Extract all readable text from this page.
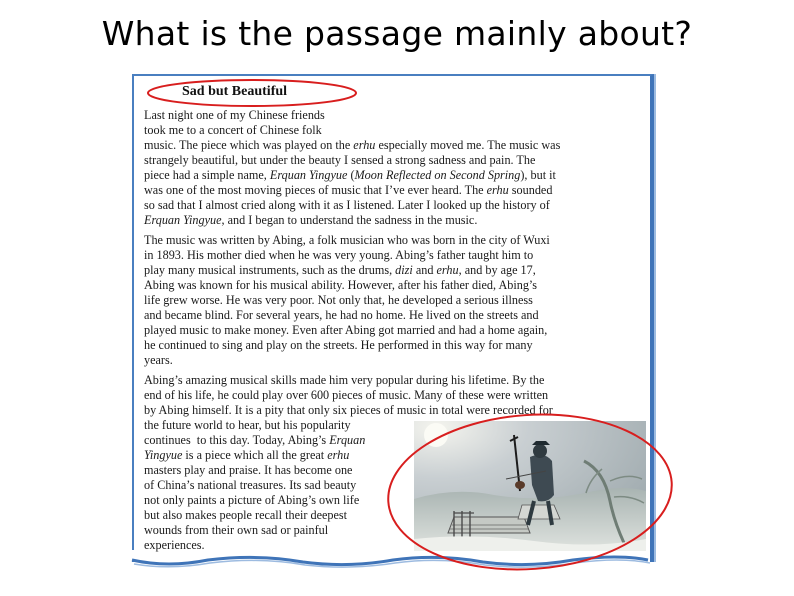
What is the passage mainly about?
Sad but Beautiful
Last night one of my Chinese friends
took me to a concert of Chinese folk
music. The piece which was played on the erhu especially moved me. The music was
strangely beautiful, but under the beauty I sensed a strong sadness and pain. The
piece had a simple name, Erquan Yingyue (Moon Reflected on Second Spring), but it
was one of the most moving pieces of music that I’ve ever heard. The erhu sounded
so sad that I almost cried along with it as I listened. Later I looked up the history of
Erquan Yingyue, and I began to understand the sadness in the music.
The music was written by Abing, a folk musician who was born in the city of Wuxi
in 1893. His mother died when he was very young. Abing’s father taught him to
play many musical instruments, such as the drums, dizi and erhu, and by age 17,
Abing was known for his musical ability. However, after his father died, Abing’s
life grew worse. He was very poor. Not only that, he developed a serious illness
and became blind. For several years, he had no home. He lived on the streets and
played music to make money. Even after Abing got married and had a home again,
he continued to sing and play on the streets. He performed in this way for many
years.
Abing’s amazing musical skills made him very popular during his lifetime. By the
end of his life, he could play over 600 pieces of music. Many of these were written
by Abing himself. It is a pity that only six pieces of music in total were recorded for
the future world to hear, but his popularity
continues  to this day. Today, Abing’s Erquan
Yingyue is a piece which all the great erhu
masters play and praise. It has become one
of China’s national treasures. Its sad beauty
not only paints a picture of Abing’s own life
but also makes people recall their deepest
wounds from their own sad or painful
experiences.
